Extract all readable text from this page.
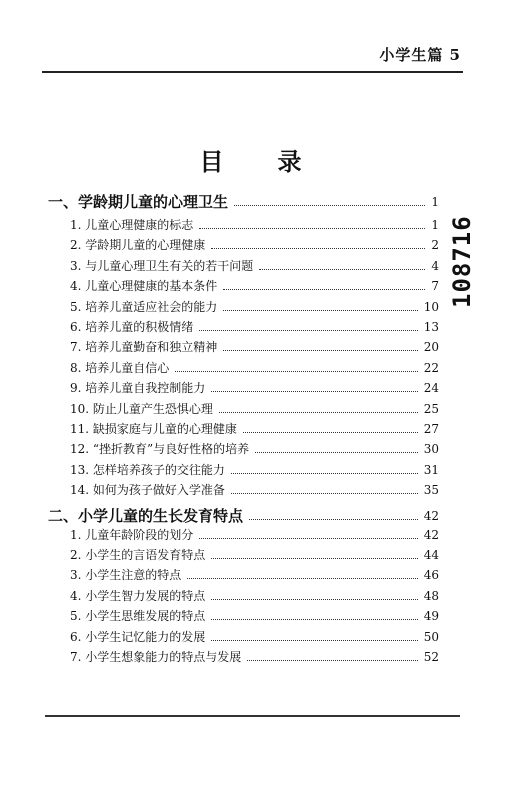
小学生篇 5
目录
一、学龄期儿童的心理卫生	1
1. 儿童心理健康的标志	1
2. 学龄期儿童的心理健康	2
3. 与儿童心理卫生有关的若干问题	4
4. 儿童心理健康的基本条件	7
5. 培养儿童适应社会的能力	10
6. 培养儿童的积极情绪	13
7. 培养儿童勤奋和独立精神	20
8. 培养儿童自信心	22
9. 培养儿童自我控制能力	24
10. 防止儿童产生恐惧心理	25
11. 缺损家庭与儿童的心理健康	27
12. “挫折教育”与良好性格的培养	30
13. 怎样培养孩子的交往能力	31
14. 如何为孩子做好入学准备	35
二、小学儿童的生长发育特点	42
1. 儿童年龄阶段的划分	42
2. 小学生的言语发育特点	44
3. 小学生注意的特点	46
4. 小学生智力发展的特点	48
5. 小学生思维发展的特点	49
6. 小学生记忆能力的发展	50
7. 小学生想象能力的特点与发展	52
108716
